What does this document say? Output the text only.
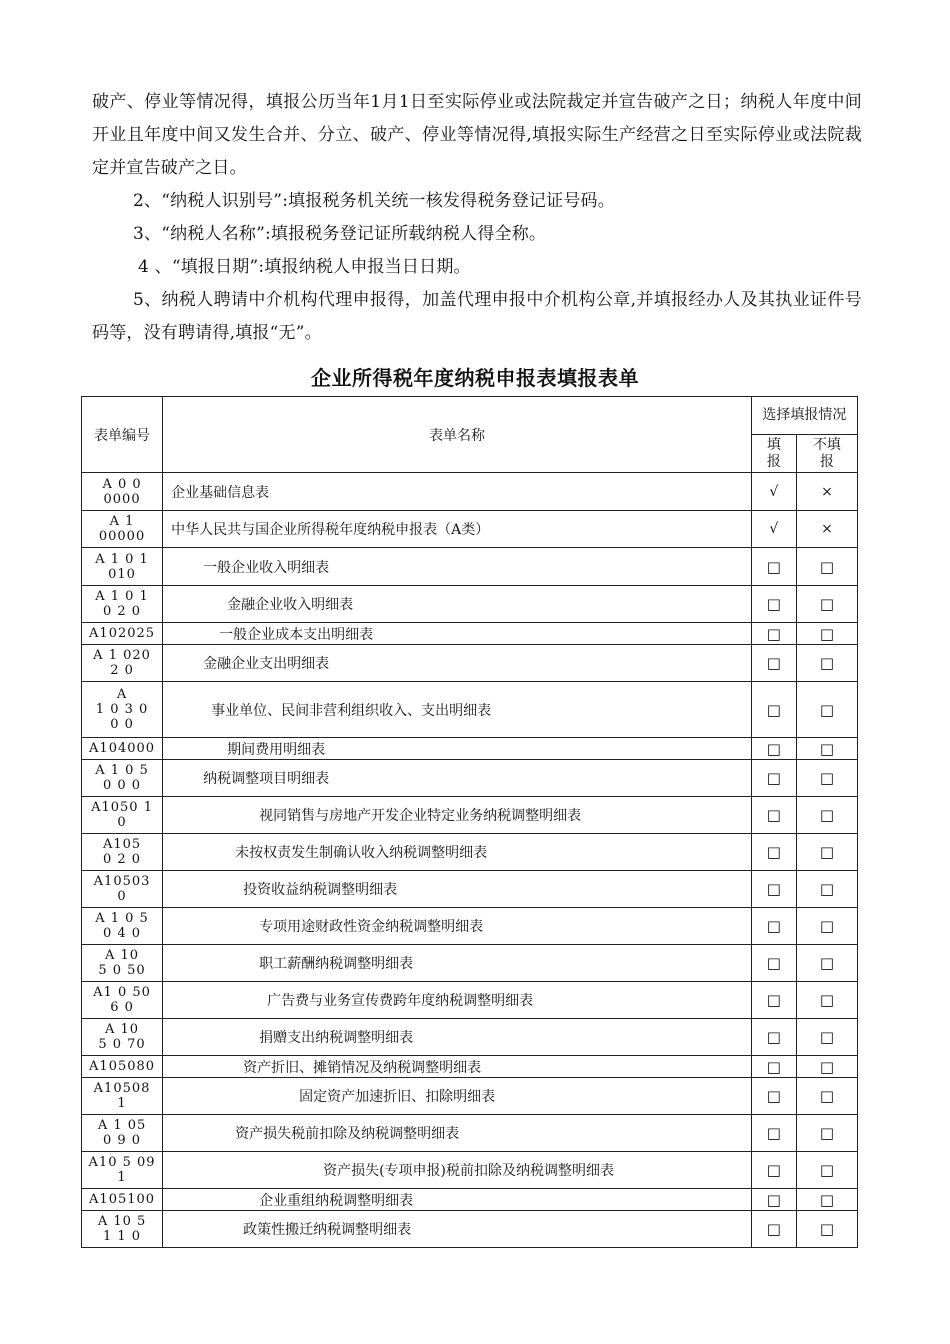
破产、停业等情况得，填报公历当年1月1日至实际停业或法院裁定并宣告破产之日；纳税人年度中间开业且年度中间又发生合并、分立、破产、停业等情况得,填报实际生产经营之日至实际停业或法院裁定并宣告破产之日。

2、“纳税人识别号”:填报税务机关统一核发得税务登记证号码。

3、“纳税人名称”:填报税务登记证所载纳税人得全称。

4 、“填报日期”:填报纳税人申报当日日期。

5、纳税人聘请中介机构代理申报得，加盖代理申报中介机构公章,并填报经办人及其执业证件号码等，没有聘请得,填报“无”。

企业所得税年度纳税申报表填报表单
表单编号	表单名称	选择填报情况	
		填报	不填报
A 0 0
0000	企业基础信息表	√	×
A 1
00000	中华人民共与国企业所得税年度纳税申报表（A类）	√	×
A 1 0 1
010	一般企业收入明细表	□	□
A 1 0 1
0 2 0	金融企业收入明细表	□	□
A102025	一般企业成本支出明细表	□	□
A 1 020
2 0	金融企业支出明细表	□	□
A
1 0 3 0
0 0	事业单位、民间非营利组织收入、支出明细表	□	□
A104000	期间费用明细表	□	□
A 1 0 5
0 0 0	纳税调整项目明细表	□	□
A1050 1
0	视同销售与房地产开发企业特定业务纳税调整明细表	□	□
A105
0 2 0	未按权责发生制确认收入纳税调整明细表	□	□
A10503
0	投资收益纳税调整明细表	□	□
A 1 0 5
0 4 0	专项用途财政性资金纳税调整明细表	□	□
A 10
5 0 50	职工薪酬纳税调整明细表	□	□
A1 0 50
6 0	广告费与业务宣传费跨年度纳税调整明细表	□	□
A 10
5 0 70	捐赠支出纳税调整明细表	□	□
A105080	资产折旧、摊销情况及纳税调整明细表	□	□
A10508
1	固定资产加速折旧、扣除明细表	□	□
A 1 05
0 9 0	资产损失税前扣除及纳税调整明细表	□	□
A10 5 09
1	资产损失(专项申报)税前扣除及纳税调整明细表	□	□
A105100	企业重组纳税调整明细表	□	□
A 10 5
1 1 0	政策性搬迁纳税调整明细表	□	□
